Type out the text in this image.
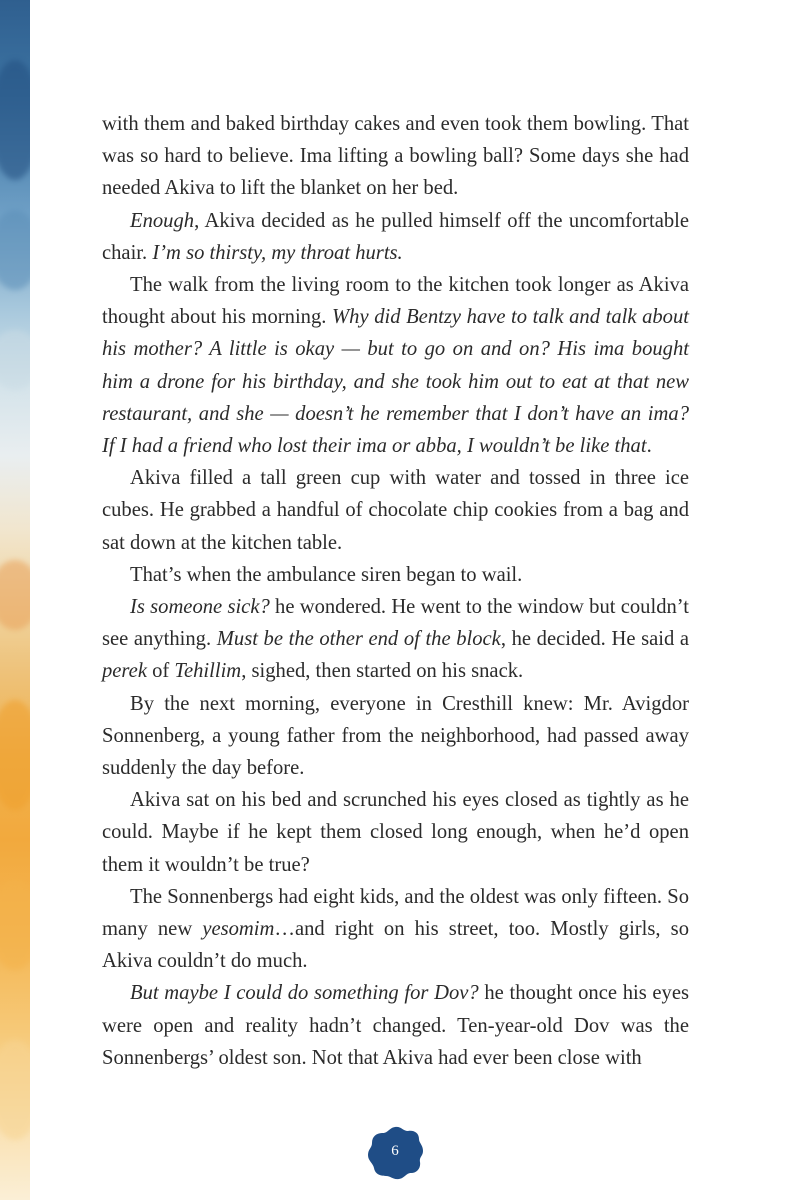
with them and baked birthday cakes and even took them bowling. That was so hard to believe. Ima lifting a bowling ball? Some days she had needed Akiva to lift the blanket on her bed.

Enough, Akiva decided as he pulled himself off the uncomfortable chair. I’m so thirsty, my throat hurts.

The walk from the living room to the kitchen took longer as Akiva thought about his morning. Why did Bentzy have to talk and talk about his mother? A little is okay — but to go on and on? His ima bought him a drone for his birthday, and she took him out to eat at that new restaurant, and she — doesn’t he remember that I don’t have an ima? If I had a friend who lost their ima or abba, I wouldn’t be like that.

Akiva filled a tall green cup with water and tossed in three ice cubes. He grabbed a handful of chocolate chip cookies from a bag and sat down at the kitchen table.

That’s when the ambulance siren began to wail.

Is someone sick? he wondered. He went to the window but couldn’t see anything. Must be the other end of the block, he decided. He said a perek of Tehillim, sighed, then started on his snack.

By the next morning, everyone in Cresthill knew: Mr. Avigdor Sonnenberg, a young father from the neighborhood, had passed away suddenly the day before.

Akiva sat on his bed and scrunched his eyes closed as tightly as he could. Maybe if he kept them closed long enough, when he’d open them it wouldn’t be true?

The Sonnenbergs had eight kids, and the oldest was only fifteen. So many new yesomim…and right on his street, too. Mostly girls, so Akiva couldn’t do much.

But maybe I could do something for Dov? he thought once his eyes were open and reality hadn’t changed. Ten-year-old Dov was the Sonnenbergs’ oldest son. Not that Akiva had ever been close with

6
